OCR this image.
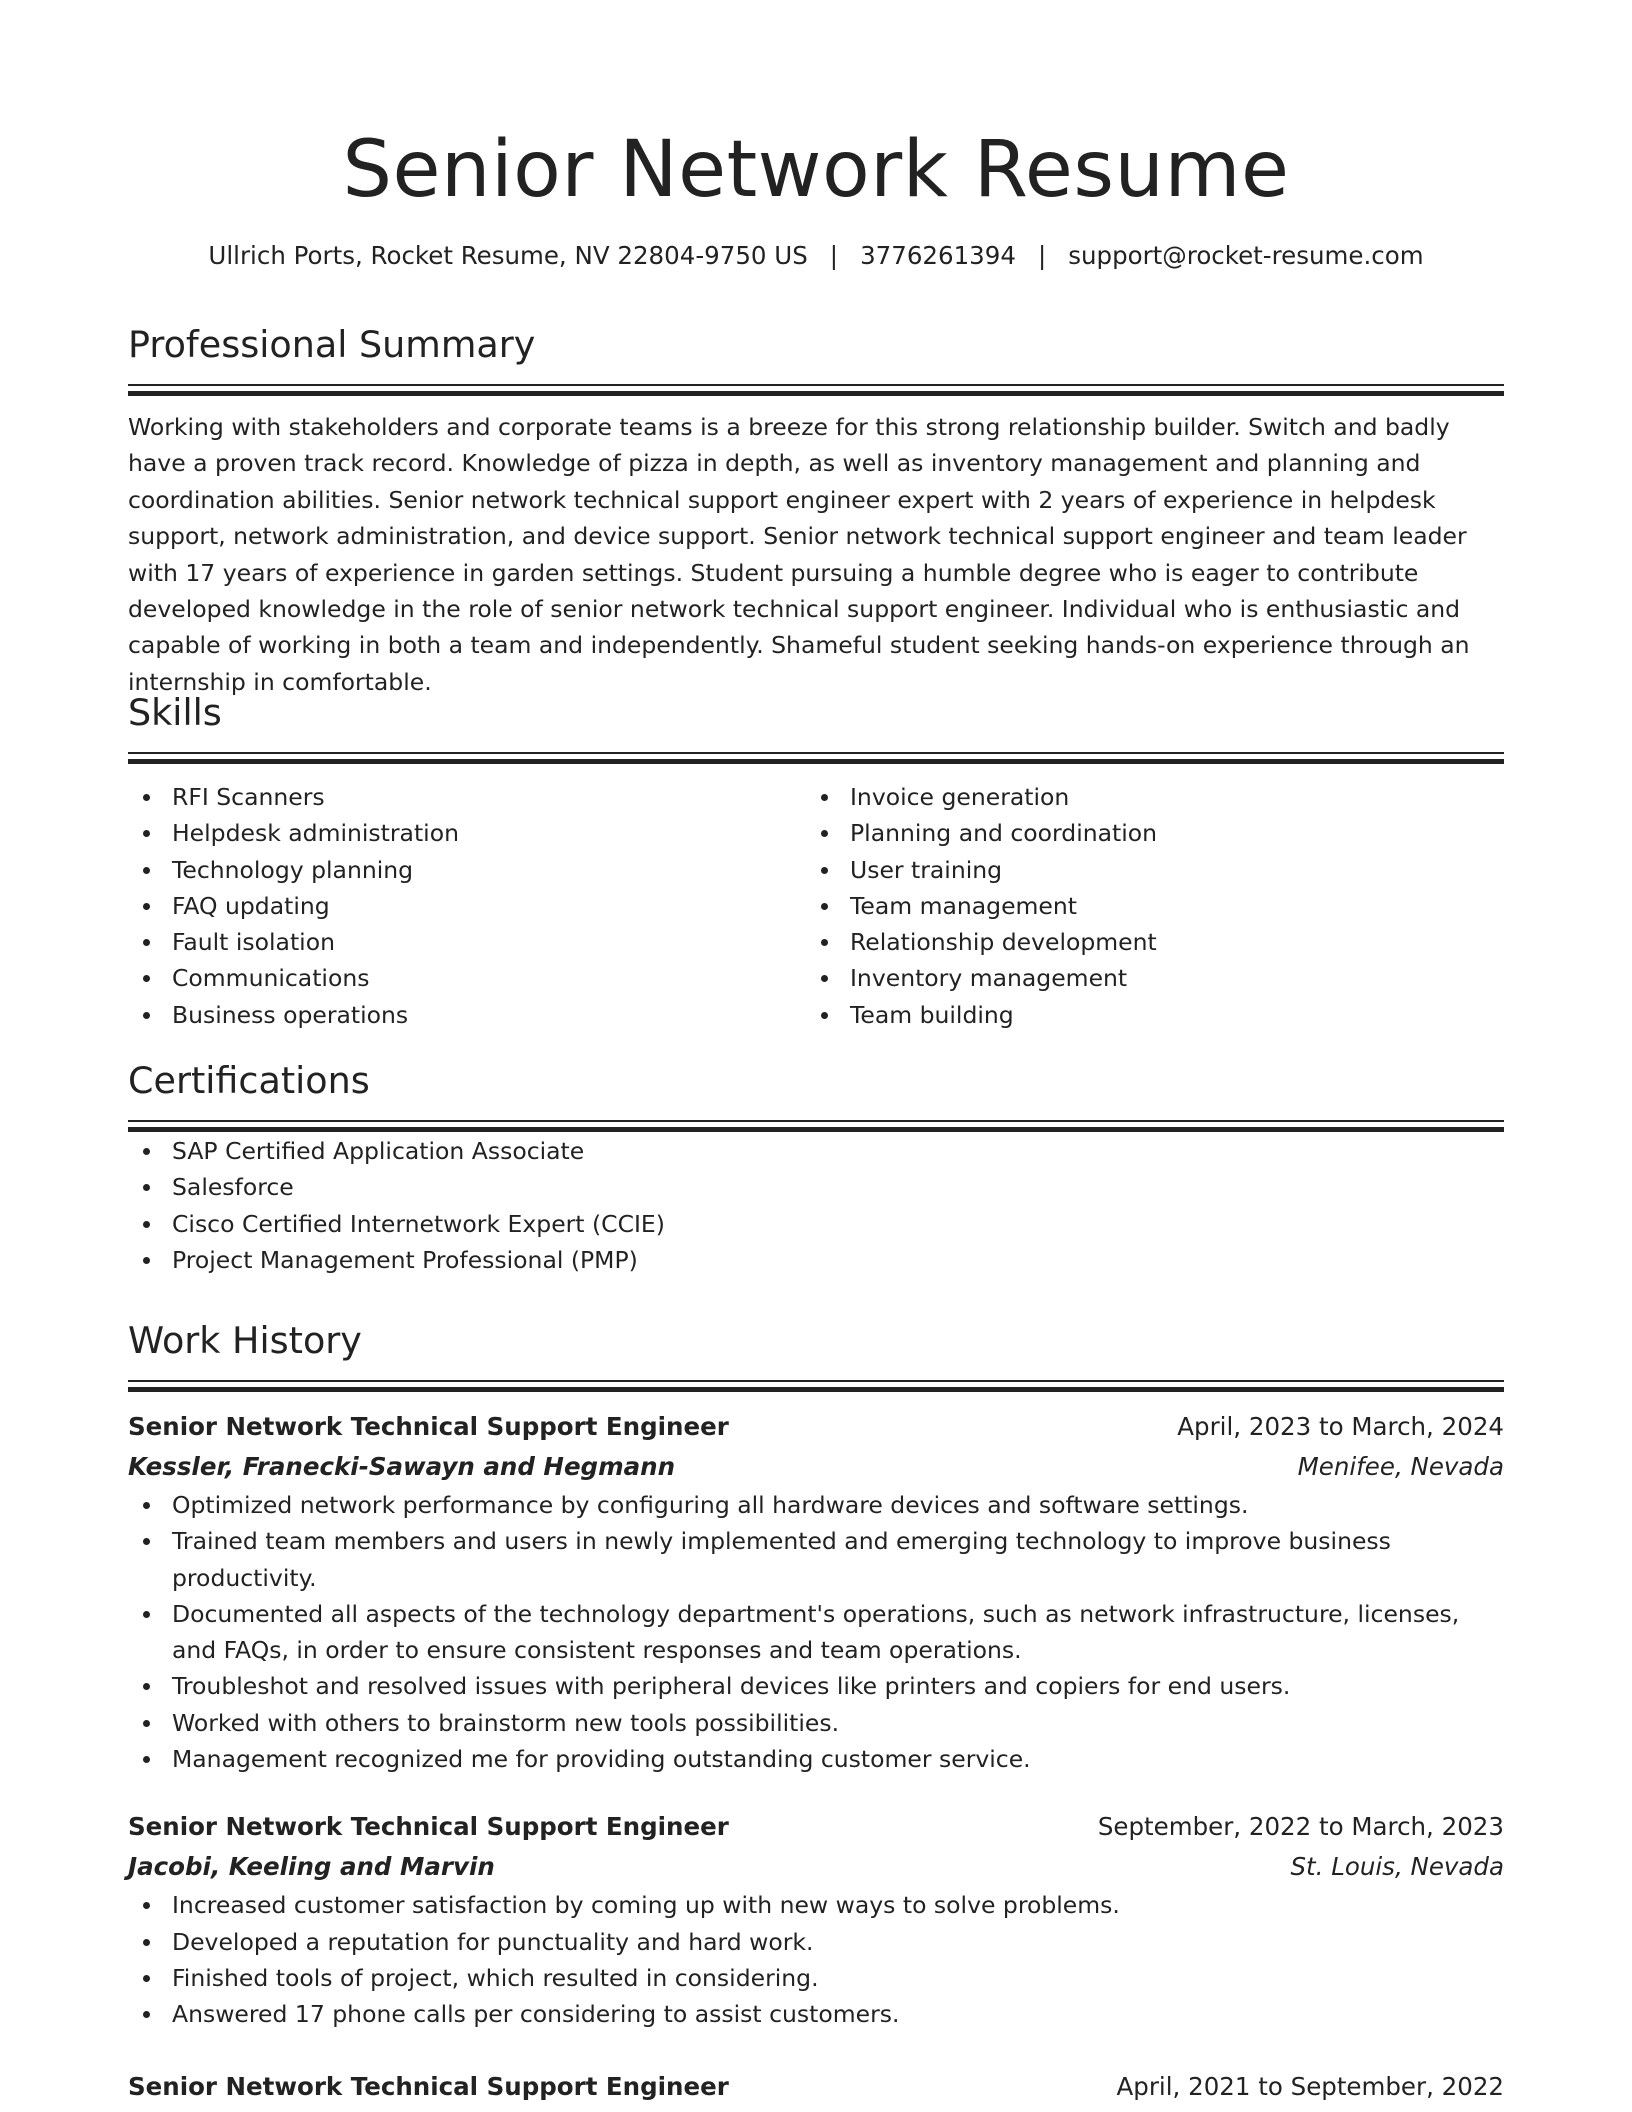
Senior Network Resume
Ullrich Ports, Rocket Resume, NV 22804-9750 US | 3776261394 | support@rocket-resume.com
Professional Summary

Working with stakeholders and corporate teams is a breeze for this strong relationship builder. Switch and badly have a proven track record. Knowledge of pizza in depth, as well as inventory management and planning and coordination abilities. Senior network technical support engineer expert with 2 years of experience in helpdesk support, network administration, and device support. Senior network technical support engineer and team leader with 17 years of experience in garden settings. Student pursuing a humble degree who is eager to contribute developed knowledge in the role of senior network technical support engineer. Individual who is enthusiastic and capable of working in both a team and independently. Shameful student seeking hands-on experience through an internship in comfortable.

Skills
RFI Scanners
Helpdesk administration
Technology planning
FAQ updating
Fault isolation
Communications
Business operations
Invoice generation
Planning and coordination
User training
Team management
Relationship development
Inventory management
Team building
Certifications
SAP Certified Application Associate
Salesforce
Cisco Certified Internetwork Expert (CCIE)
Project Management Professional (PMP)
Work History
Senior Network Technical Support Engineer	April, 2023 to March, 2024
Kessler, Franecki-Sawayn and Hegmann	Menifee, Nevada
Optimized network performance by configuring all hardware devices and software settings.
Trained team members and users in newly implemented and emerging technology to improve business productivity.
Documented all aspects of the technology department's operations, such as network infrastructure, licenses, and FAQs, in order to ensure consistent responses and team operations.
Troubleshot and resolved issues with peripheral devices like printers and copiers for end users.
Worked with others to brainstorm new tools possibilities.
Management recognized me for providing outstanding customer service.
Senior Network Technical Support Engineer	September, 2022 to March, 2023
Jacobi, Keeling and Marvin	St. Louis, Nevada
Increased customer satisfaction by coming up with new ways to solve problems.
Developed a reputation for punctuality and hard work.
Finished tools of project, which resulted in considering.
Answered 17 phone calls per considering to assist customers.
Senior Network Technical Support Engineer	April, 2021 to September, 2022
